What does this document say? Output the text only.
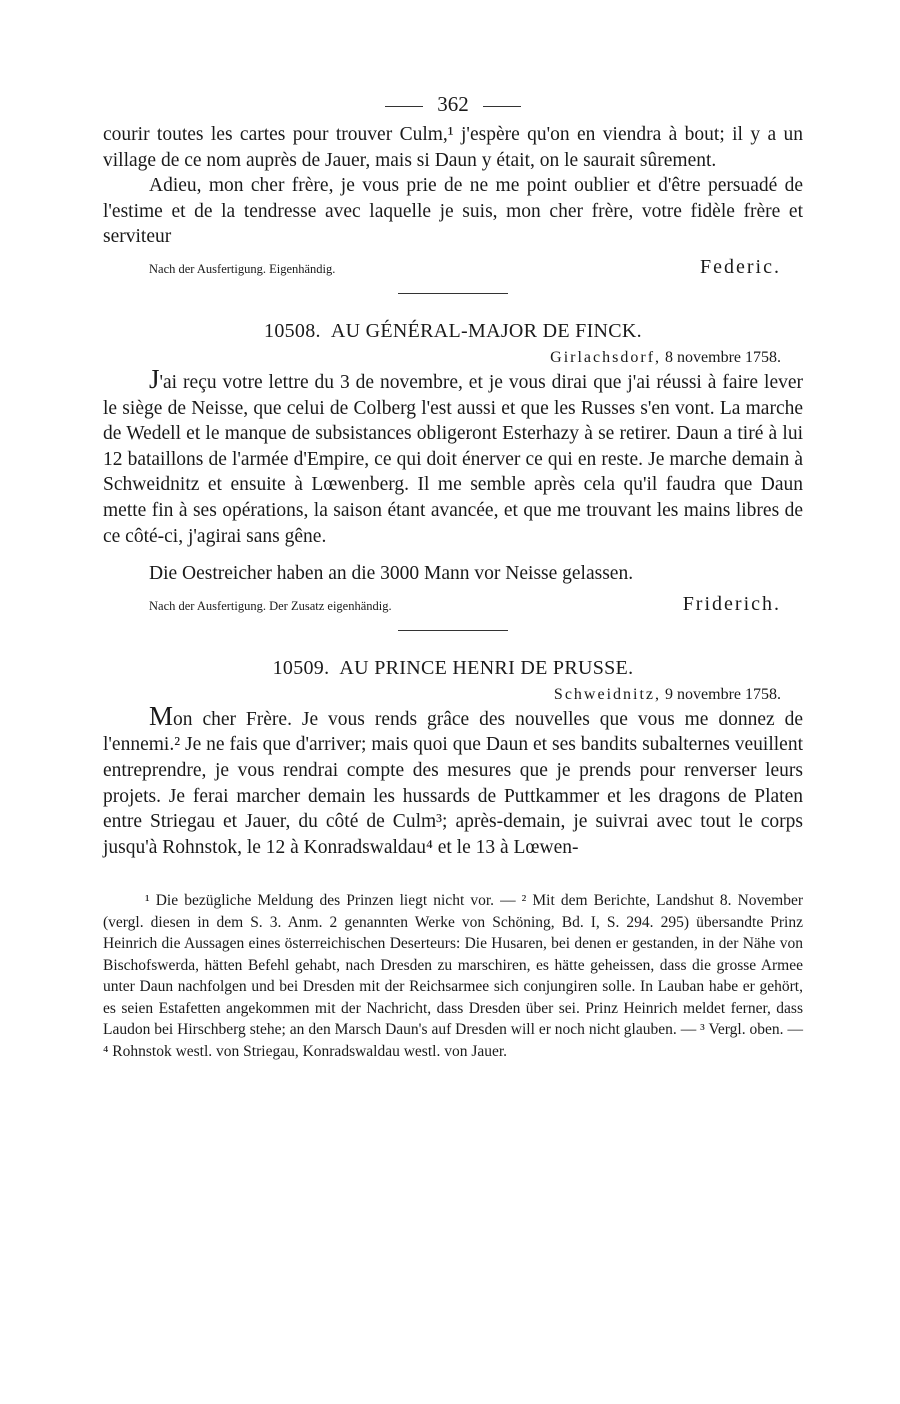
362

courir toutes les cartes pour trouver Culm,¹ j'espère qu'on en viendra à bout; il y a un village de ce nom auprès de Jauer, mais si Daun y était, on le saurait sûrement.

Adieu, mon cher frère, je vous prie de ne me point oublier et d'être persuadé de l'estime et de la tendresse avec laquelle je suis, mon cher frère, votre fidèle frère et serviteur

Nach der Ausfertigung. Eigenhändig.	Federic.
10508. AU GÉNÉRAL-MAJOR DE FINCK.
Girlachsdorf, 8 novembre 1758.

J'ai reçu votre lettre du 3 de novembre, et je vous dirai que j'ai réussi à faire lever le siège de Neisse, que celui de Colberg l'est aussi et que les Russes s'en vont. La marche de Wedell et le manque de subsistances obligeront Esterhazy à se retirer. Daun a tiré à lui 12 bataillons de l'armée d'Empire, ce qui doit énerver ce qui en reste. Je marche demain à Schweidnitz et ensuite à Lœwenberg. Il me semble après cela qu'il faudra que Daun mette fin à ses opérations, la saison étant avancée, et que me trouvant les mains libres de ce côté-ci, j'agirai sans gêne.

Die Oestreicher haben an die 3000 Mann vor Neisse gelassen.

Nach der Ausfertigung. Der Zusatz eigenhändig.	Friderich.
10509. AU PRINCE HENRI DE PRUSSE.
Schweidnitz, 9 novembre 1758.

Mon cher Frère. Je vous rends grâce des nouvelles que vous me donnez de l'ennemi.² Je ne fais que d'arriver; mais quoi que Daun et ses bandits subalternes veuillent entreprendre, je vous rendrai compte des mesures que je prends pour renverser leurs projets. Je ferai marcher demain les hussards de Puttkammer et les dragons de Platen entre Striegau et Jauer, du côté de Culm³; après-demain, je suivrai avec tout le corps jusqu'à Rohnstok, le 12 à Konradswaldau⁴ et le 13 à Lœwen-

¹ Die bezügliche Meldung des Prinzen liegt nicht vor. — ² Mit dem Berichte, Landshut 8. November (vergl. diesen in dem S. 3. Anm. 2 genannten Werke von Schöning, Bd. I, S. 294. 295) übersandte Prinz Heinrich die Aussagen eines österreichischen Deserteurs: Die Husaren, bei denen er gestanden, in der Nähe von Bischofswerda, hätten Befehl gehabt, nach Dresden zu marschiren, es hätte geheissen, dass die grosse Armee unter Daun nachfolgen und bei Dresden mit der Reichsarmee sich conjungiren solle. In Lauban habe er gehört, es seien Estafetten angekommen mit der Nachricht, dass Dresden über sei. Prinz Heinrich meldet ferner, dass Laudon bei Hirschberg stehe; an den Marsch Daun's auf Dresden will er noch nicht glauben. — ³ Vergl. oben. — ⁴ Rohnstok westl. von Striegau, Konradswaldau westl. von Jauer.
